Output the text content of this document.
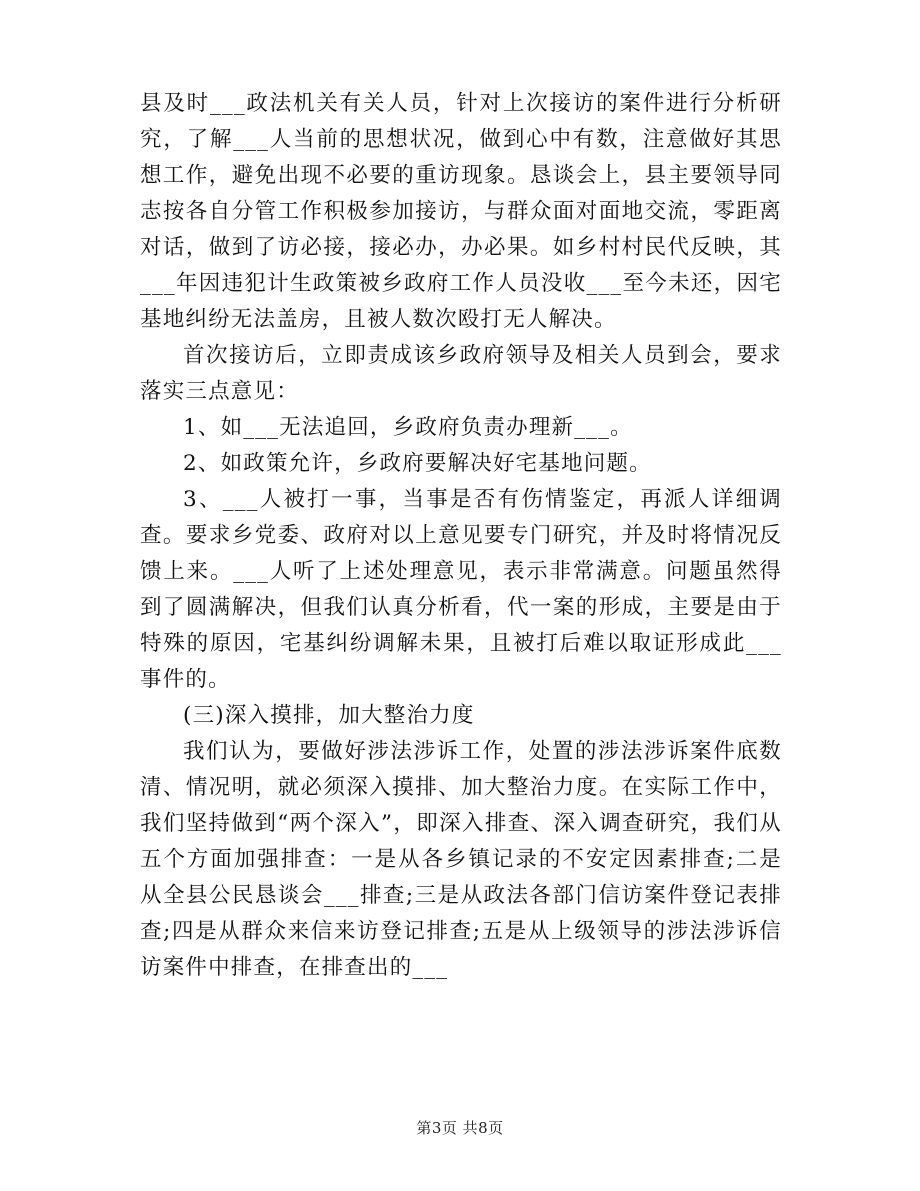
县及时___政法机关有关人员，针对上次接访的案件进行分析研究，了解___人当前的思想状况，做到心中有数，注意做好其思想工作，避免出现不必要的重访现象。恳谈会上，县主要领导同志按各自分管工作积极参加接访，与群众面对面地交流，零距离对话，做到了访必接，接必办，办必果。如乡村村民代反映，其___年因违犯计生政策被乡政府工作人员没收___至今未还，因宅基地纠纷无法盖房，且被人数次殴打无人解决。

首次接访后，立即责成该乡政府领导及相关人员到会，要求落实三点意见：

1、如___无法追回，乡政府负责办理新___。

2、如政策允许，乡政府要解决好宅基地问题。

3、___人被打一事，当事是否有伤情鉴定，再派人详细调查。要求乡党委、政府对以上意见要专门研究，并及时将情况反馈上来。___人听了上述处理意见，表示非常满意。问题虽然得到了圆满解决，但我们认真分析看，代一案的形成，主要是由于特殊的原因，宅基纠纷调解未果，且被打后难以取证形成此___事件的。

(三)深入摸排，加大整治力度

我们认为，要做好涉法涉诉工作，处置的涉法涉诉案件底数清、情况明，就必须深入摸排、加大整治力度。在实际工作中，我们坚持做到“两个深入”，即深入排查、深入调查研究，我们从五个方面加强排查：一是从各乡镇记录的不安定因素排查;二是从全县公民恳谈会___排查;三是从政法各部门信访案件登记表排查;四是从群众来信来访登记排查;五是从上级领导的涉法涉诉信访案件中排查，在排查出的___

第3页 共8页
